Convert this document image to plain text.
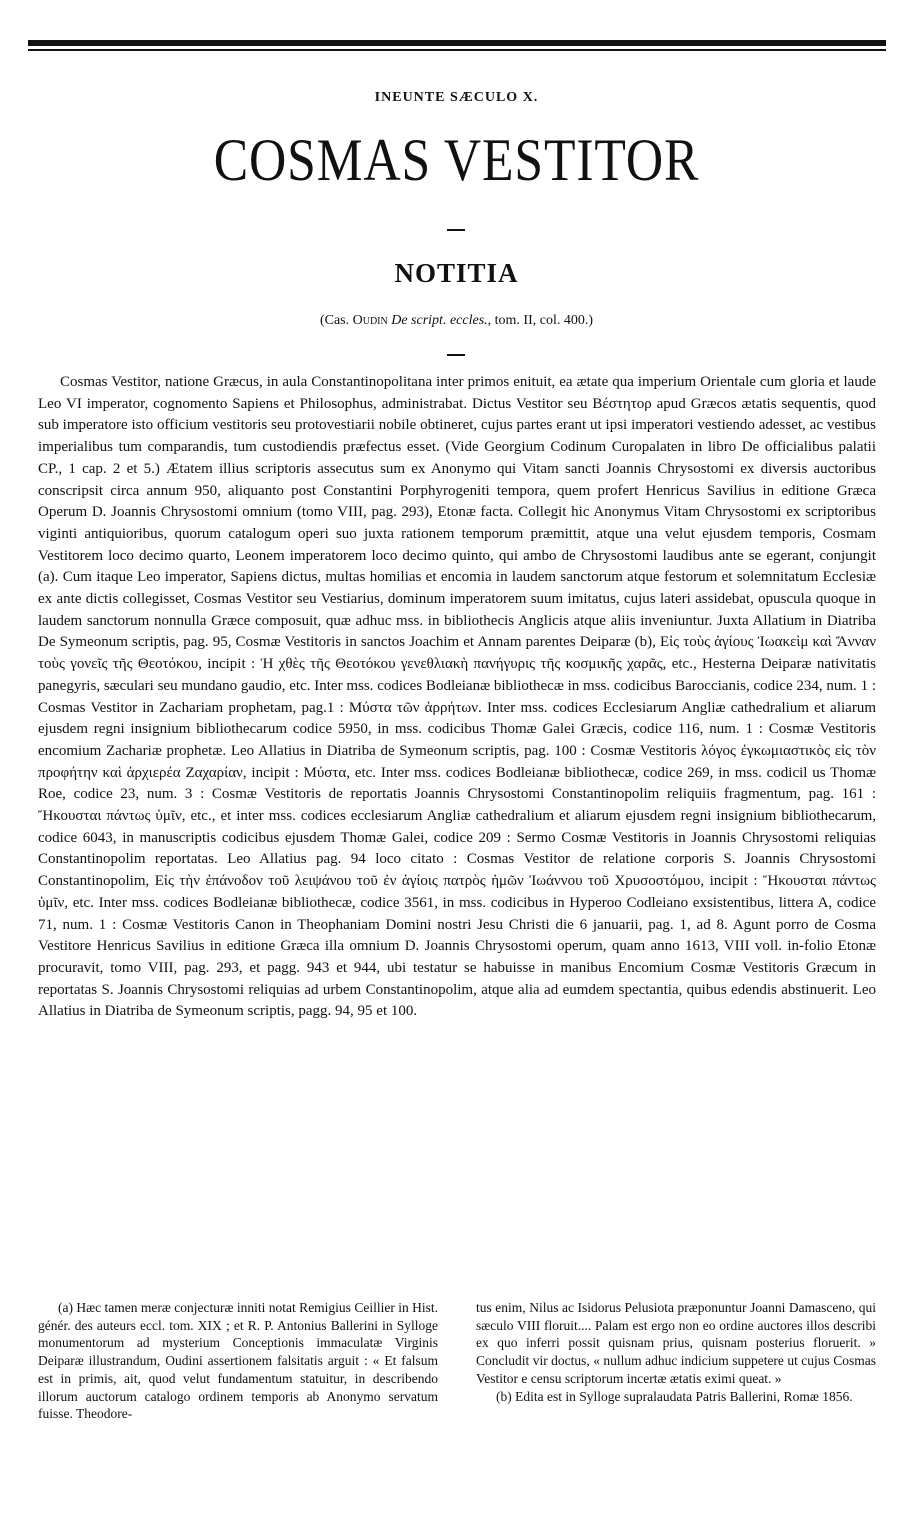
INEUNTE SÆCULO X.
COSMAS VESTITOR
NOTITIA
(Cas. Oudin De script. eccles., tom. II, col. 400.)

Cosmas Vestitor, natione Græcus, in aula Constantinopolitana inter primos enituit, ea ætate qua imperium Orientale cum gloria et laude Leo VI imperator, cognomento Sapiens et Philosophus, administrabat. Dictus Vestitor seu Βέστητορ apud Græcos ætatis sequentis, quod sub imperatore isto officium vestitoris seu protovestiarii nobile obtineret, cujus partes erant ut ipsi imperatori vestiendo adesset, ac vestibus imperialibus tum comparandis, tum custodiendis præfectus esset. (Vide Georgium Codinum Curopalaten in libro De officialibus palatii CP., 1 cap. 2 et 5.) Ætatem illius scriptoris assecutus sum ex Anonymo qui Vitam sancti Joannis Chrysostomi ex diversis auctoribus conscripsit circa annum 950, aliquanto post Constantini Porphyrogeniti tempora, quem profert Henricus Savilius in editione Græca Operum D. Joannis Chrysostomi omnium (tomo VIII, pag. 293), Etonæ facta. Collegit hic Anonymus Vitam Chrysostomi ex scriptoribus viginti antiquioribus, quorum catalogum operi suo juxta rationem temporum præmittit, atque una velut ejusdem temporis, Cosmam Vestitorem loco decimo quarto, Leonem imperatorem loco decimo quinto, qui ambo de Chrysostomi laudibus ante se egerant, conjungit (a). Cum itaque Leo imperator, Sapiens dictus, multas homilias et encomia in laudem sanctorum atque festorum et solemnitatum Ecclesiæ ex ante dictis collegisset, Cosmas Vestitor seu Vestiarius, dominum imperatorem suum imitatus, cujus lateri assidebat, opuscula quoque in laudem sanctorum nonnulla Græce composuit, quæ adhuc mss. in bibliothecis Anglicis atque aliis inveniuntur. Juxta Allatium in Diatriba De Symeonum scriptis, pag. 95, Cosmæ Vestitoris in sanctos Joachim et Annam parentes Deiparæ (b), Εἰς τοὺς ἁγίους Ἰωακεὶμ καὶ Ἄνναν τοὺς γονεῖς τῆς Θεοτόκου, incipit : Ἡ χθὲς τῆς Θεοτόκου γενεθλιακὴ πανήγυρις τῆς κοσμικῆς χαρᾶς, etc., Hesterna Deiparæ nativitatis panegyris, sæculari seu mundano gaudio, etc. Inter mss. codices Bodleianæ bibliothecæ in mss. codicibus Baroccianis, codice 234, num. 1 : Cosmas Vestitor in Zachariam prophetam, pag.1 : Μύστα τῶν ἀρρήτων. Inter mss. codices Ecclesiarum Angliæ cathedralium et aliarum ejusdem regni insignium bibliothecarum codice 5950, in mss. codicibus Thomæ Galei Græcis, codice 116, num. 1 : Cosmæ Vestitoris encomium Zachariæ prophetæ. Leo Allatius in Diatriba de Symeonum scriptis, pag. 100 : Cosmæ Vestitoris λόγος ἐγκωμιαστικὸς εἰς τὸν προφήτην καὶ ἀρχιερέα Ζαχαρίαν, incipit : Μύστα, etc. Inter mss. codices Bodleianæ bibliothecæ, codice 269, in mss. codicil us Thomæ Roe, codice 23, num. 3 : Cosmæ Vestitoris de reportatis Joannis Chrysostomi Constantinopolim reliquiis fragmentum, pag. 161 : Ἤκουσται πάντως ὑμῖν, etc., et inter mss. codices ecclesiarum Angliæ cathedralium et aliarum ejusdem regni insignium bibliothecarum, codice 6043, in manuscriptis codicibus ejusdem Thomæ Galei, codice 209 : Sermo Cosmæ Vestitoris in Joannis Chrysostomi reliquias Constantinopolim reportatas. Leo Allatius pag. 94 loco citato : Cosmas Vestitor de relatione corporis S. Joannis Chrysostomi Constantinopolim, Εἰς τὴν ἐπάνοδον τοῦ λειψάνου τοῦ ἐν ἁγίοις πατρὸς ἡμῶν Ἰωάννου τοῦ Χρυσοστόμου, incipit : Ἤκουσται πάντως ὑμῖν, etc. Inter mss. codices Bodleianæ bibliothecæ, codice 3561, in mss. codicibus in Hyperoo Codleiano exsistentibus, littera A, codice 71, num. 1 : Cosmæ Vestitoris Canon in Theophaniam Domini nostri Jesu Christi die 6 januarii, pag. 1, ad 8. Agunt porro de Cosma Vestitore Henricus Savilius in editione Græca illa omnium D. Joannis Chrysostomi operum, quam anno 1613, VIII voll. in-folio Etonæ procuravit, tomo VIII, pag. 293, et pagg. 943 et 944, ubi testatur se habuisse in manibus Encomium Cosmæ Vestitoris Græcum in reportatas S. Joannis Chrysostomi reliquias ad urbem Constantinopolim, atque alia ad eumdem spectantia, quibus edendis abstinuerit. Leo Allatius in Diatriba de Symeonum scriptis, pagg. 94, 95 et 100.

(a) Hæc tamen meræ conjecturæ inniti notat Remigius Ceillier in Hist. génér. des auteurs eccl. tom. XIX ; et R. P. Antonius Ballerini in Sylloge monumentorum ad mysterium Conceptionis immaculatæ Virginis Deiparæ illustrandum, Oudini assertionem falsitatis arguit : « Et falsum est in primis, ait, quod velut fundamentum statuitur, in describendo illorum auctorum catalogo ordinem temporis ab Anonymo servatum fuisse. Theodore-

tus enim, Nilus ac Isidorus Pelusiota præponuntur Joanni Damasceno, qui sæculo VIII floruit.... Palam est ergo non eo ordine auctores illos describi ex quo inferri possit quisnam prius, quisnam posterius floruerit. » Concludit vir doctus, « nullum adhuc indicium suppetere ut cujus Cosmas Vestitor e censu scriptorum incertæ ætatis eximi queat. »

(b) Edita est in Sylloge supralaudata Patris Ballerini, Romæ 1856.
